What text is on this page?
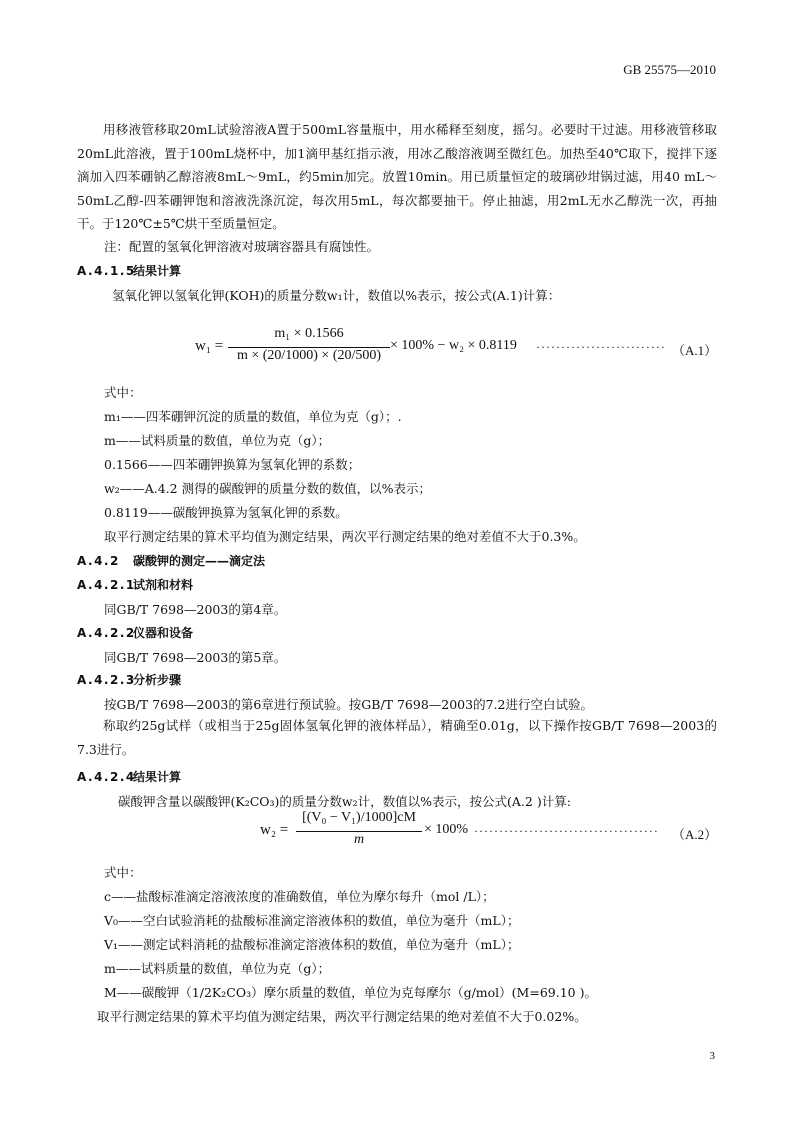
GB 25575—2010
用移液管移取20mL试验溶液A置于500mL容量瓶中，用水稀释至刻度，摇匀。必要时干过滤。用移液管移取20mL此溶液，置于100mL烧杯中，加1滴甲基红指示液，用冰乙酸溶液调至微红色。加热至40℃取下，搅拌下逐滴加入四苯硼钠乙醇溶液8mL～9mL，约5min加完。放置10min。用已质量恒定的玻璃砂坩锅过滤，用40 mL～50mL乙醇-四苯硼钾饱和溶液洗涤沉淀，每次用5mL，每次都要抽干。停止抽滤，用2mL无水乙醇洗一次，再抽干。于120℃±5℃烘干至质量恒定。
注：配置的氢氧化钾溶液对玻璃容器具有腐蚀性。
A.4.1.5结果计算
氢氧化钾以氢氧化钾(KOH)的质量分数w₁计，数值以%表示，按公式(A.1)计算：
w₁ =
m₁ × 0.1566
m × (20/1000) × (20/500)
× 100% − w₂ × 0.8119 ·························· （A.1）
式中：
m₁——四苯硼钾沉淀的质量的数值，单位为克（g）；.
m——试料质量的数值，单位为克（g）；
0.1566——四苯硼钾换算为氢氧化钾的系数；
w₂——A.4.2 测得的碳酸钾的质量分数的数值，以%表示；
0.8119——碳酸钾换算为氢氧化钾的系数。
取平行测定结果的算术平均值为测定结果，两次平行测定结果的绝对差值不大于0.3%。
A.4.2 碳酸钾的测定——滴定法
A.4.2.1试剂和材料
同GB/T 7698—2003的第4章。
A.4.2.2仪器和设备
同GB/T 7698—2003的第5章。
A.4.2.3分析步骤
按GB/T 7698—2003的第6章进行预试验。按GB/T 7698—2003的7.2进行空白试验。
称取约25g试样（或相当于25g固体氢氧化钾的液体样品），精确至0.01g，以下操作按GB/T 7698—2003的7.3进行。
A.4.2.4结果计算
碳酸钾含量以碳酸钾(K₂CO₃)的质量分数w₂计，数值以%表示，按公式(A.2 )计算:
w₂ =
[(V₀ − V₁)/1000]cM
m
× 100% ····································· （A.2）
式中：
c——盐酸标准滴定溶液浓度的准确数值，单位为摩尔每升（mol /L）；
V₀——空白试验消耗的盐酸标准滴定溶液体积的数值，单位为毫升（mL）；
V₁——测定试料消耗的盐酸标准滴定溶液体积的数值，单位为毫升（mL）；
m——试料质量的数值，单位为克（g）；
M——碳酸钾（1/2K₂CO₃）摩尔质量的数值，单位为克每摩尔（g/mol）(M=69.10 )。
取平行测定结果的算术平均值为测定结果，两次平行测定结果的绝对差值不大于0.02%。
3
